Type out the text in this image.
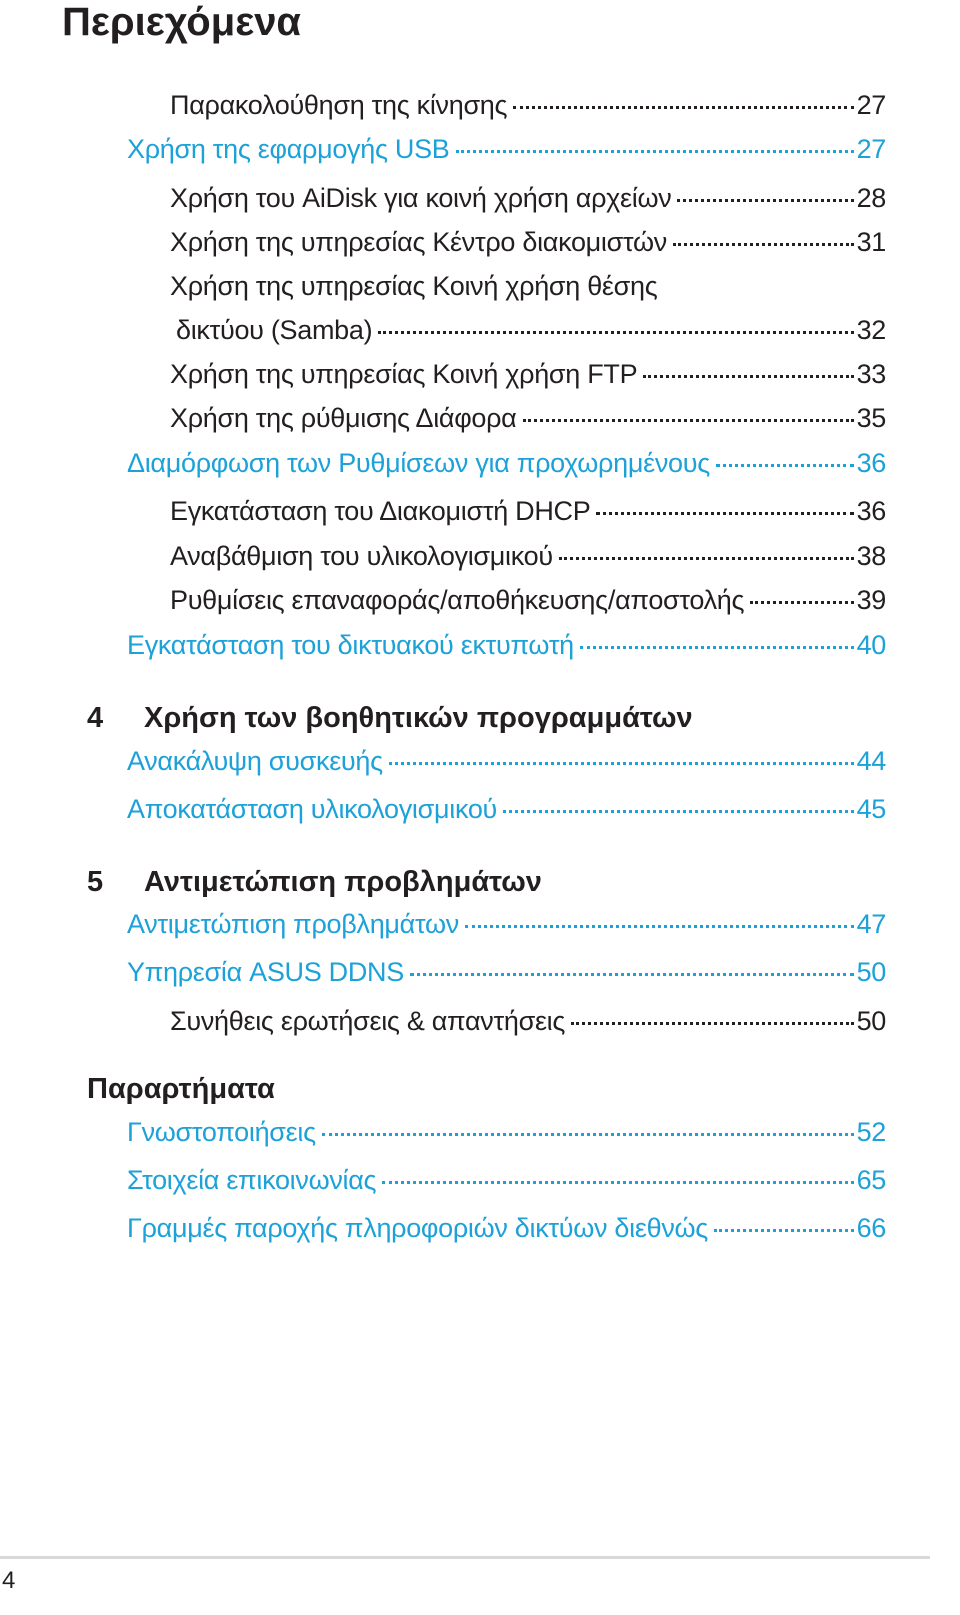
Περιεχόμενα
Παρακολούθηση της κίνησης	27
Χρήση της εφαρμογής USB	27
Χρήση του AiDisk για κοινή χρήση αρχείων	28
Χρήση της υπηρεσίας Κέντρο διακομιστών	31
Χρήση της υπηρεσίας Κοινή χρήση θέσης
δικτύου (Samba)	32
Χρήση της υπηρεσίας Κοινή χρήση FTP	33
Χρήση της ρύθμισης Διάφορα	35
Διαμόρφωση των Ρυθμίσεων για προχωρημένους	36
Εγκατάσταση του Διακομιστή DHCP	36
Αναβάθμιση του υλικολογισμικού	38
Ρυθμίσεις επαναφοράς/αποθήκευσης/αποστολής	39
Εγκατάσταση του δικτυακού εκτυπωτή	40
4 Χρήση των βοηθητικών προγραμμάτων
Ανακάλυψη συσκευής	44
Αποκατάσταση υλικολογισμικού	45
5 Αντιμετώπιση προβλημάτων
Αντιμετώπιση προβλημάτων	47
Υπηρεσία ASUS DDNS	50
Συνήθεις ερωτήσεις & απαντήσεις	50
Παραρτήματα
Γνωστοποιήσεις	52
Στοιχεία επικοινωνίας	65
Γραμμές παροχής πληροφοριών δικτύων διεθνώς	66
4
